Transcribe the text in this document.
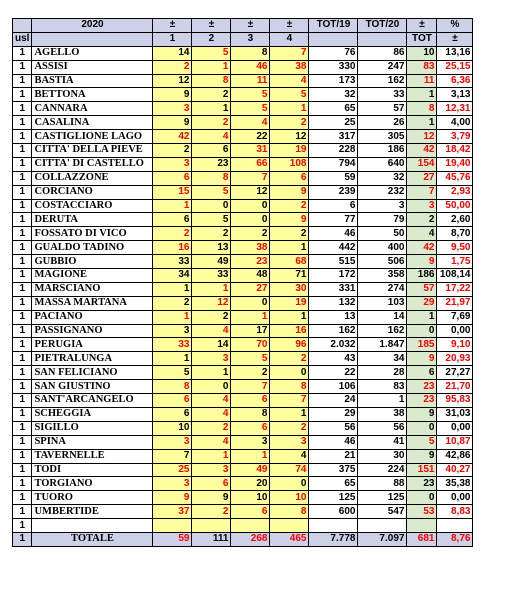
	2020	±	±	±	±	TOT/19	TOT/20	±	%
usl		1	2	3	4			TOT	±
1	AGELLO	14	5	8	7	76	86	10	13,16
1	ASSISI	2	1	46	38	330	247	83	25,15
1	BASTIA	12	8	11	4	173	162	11	6,36
1	BETTONA	9	2	5	5	32	33	1	3,13
1	CANNARA	3	1	5	1	65	57	8	12,31
1	CASALINA	9	2	4	2	25	26	1	4,00
1	CASTIGLIONE LAGO	42	4	22	12	317	305	12	3,79
1	CITTA' DELLA PIEVE	2	6	31	19	228	186	42	18,42
1	CITTA' DI CASTELLO	3	23	66	108	794	640	154	19,40
1	COLLAZZONE	6	8	7	6	59	32	27	45,76
1	CORCIANO	15	5	12	9	239	232	7	2,93
1	COSTACCIARO	1	0	0	2	6	3	3	50,00
1	DERUTA	6	5	0	9	77	79	2	2,60
1	FOSSATO DI VICO	2	2	2	2	46	50	4	8,70
1	GUALDO TADINO	16	13	38	1	442	400	42	9,50
1	GUBBIO	33	49	23	68	515	506	9	1,75
1	MAGIONE	34	33	48	71	172	358	186	108,14
1	MARSCIANO	1	1	27	30	331	274	57	17,22
1	MASSA MARTANA	2	12	0	19	132	103	29	21,97
1	PACIANO	1	2	1	1	13	14	1	7,69
1	PASSIGNANO	3	4	17	16	162	162	0	0,00
1	PERUGIA	33	14	70	96	2.032	1.847	185	9,10
1	PIETRALUNGA	1	3	5	2	43	34	9	20,93
1	SAN FELICIANO	5	1	2	0	22	28	6	27,27
1	SAN GIUSTINO	8	0	7	8	106	83	23	21,70
1	SANT'ARCANGELO	6	4	6	7	24	1	23	95,83
1	SCHEGGIA	6	4	8	1	29	38	9	31,03
1	SIGILLO	10	2	6	2	56	56	0	0,00
1	SPINA	3	4	3	3	46	41	5	10,87
1	TAVERNELLE	7	1	1	4	21	30	9	42,86
1	TODI	25	3	49	74	375	224	151	40,27
1	TORGIANO	3	6	20	0	65	88	23	35,38
1	TUORO	9	9	10	10	125	125	0	0,00
1	UMBERTIDE	37	2	6	8	600	547	53	8,83
1									
1	TOTALE	59	111	268	465	7.778	7.097	681	8,76
